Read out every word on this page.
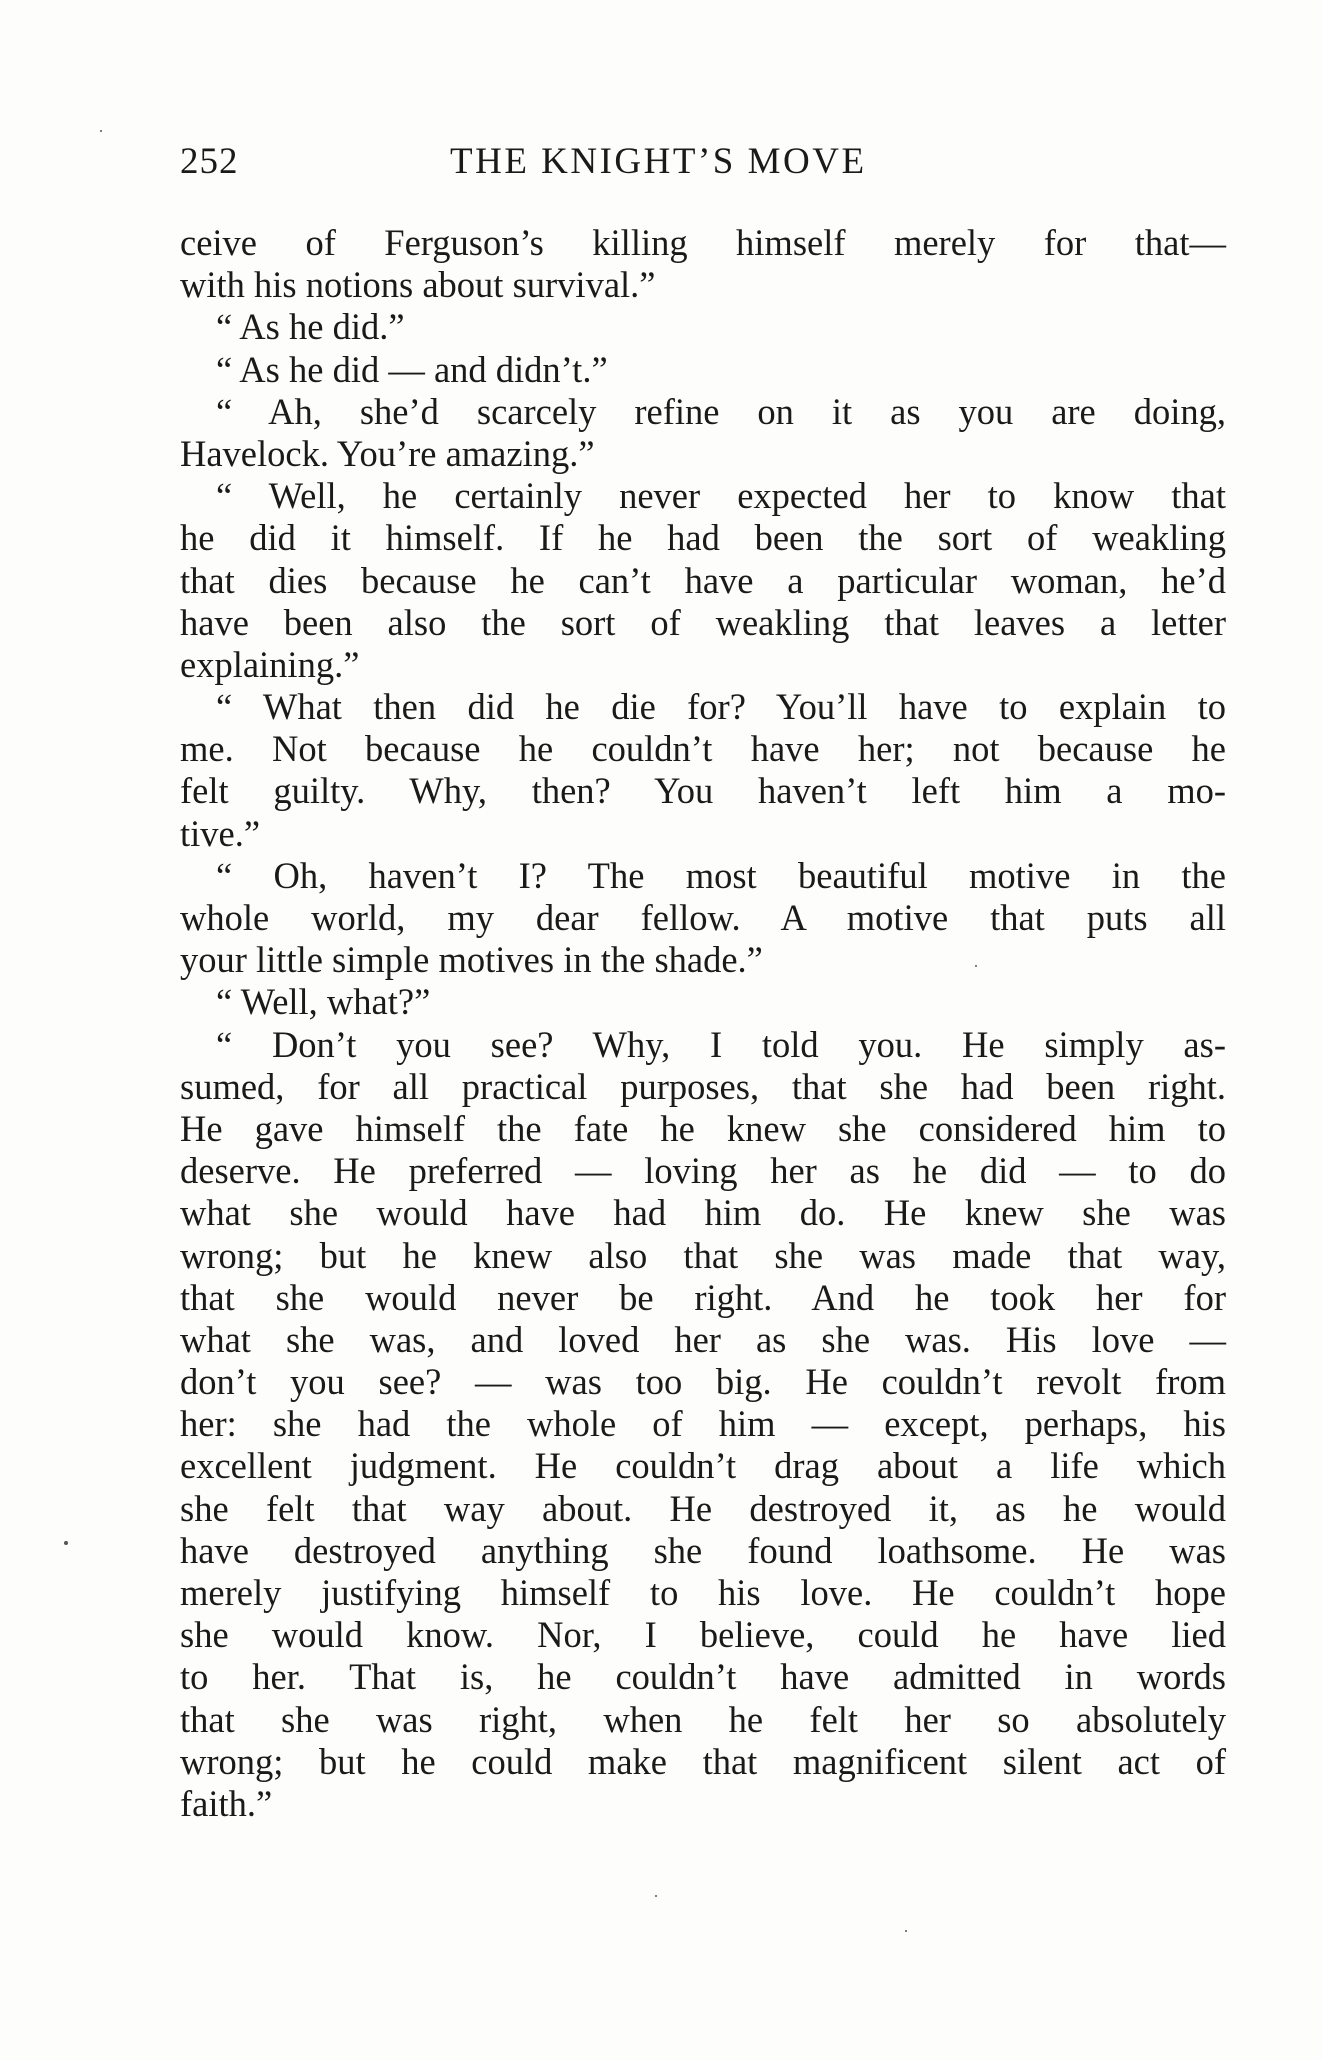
252	THE KNIGHT’S MOVE
ceive of Ferguson’s killing himself merely for that—
with his notions about survival.”
“ As he did.”
“ As he did — and didn’t.”
“ Ah, she’d scarcely refine on it as you are doing,
Havelock. You’re amazing.”
“ Well, he certainly never expected her to know that
he did it himself. If he had been the sort of weakling
that dies because he can’t have a particular woman, he’d
have been also the sort of weakling that leaves a letter
explaining.”
“ What then did he die for? You’ll have to explain to
me. Not because he couldn’t have her; not because he
felt guilty. Why, then? You haven’t left him a mo-
tive.”
“ Oh, haven’t I? The most beautiful motive in the
whole world, my dear fellow. A motive that puts all
your little simple motives in the shade.”
“ Well, what?”
“ Don’t you see? Why, I told you. He simply as-
sumed, for all practical purposes, that she had been right.
He gave himself the fate he knew she considered him to
deserve. He preferred — loving her as he did — to do
what she would have had him do. He knew she was
wrong; but he knew also that she was made that way,
that she would never be right. And he took her for
what she was, and loved her as she was. His love —
don’t you see? — was too big. He couldn’t revolt from
her: she had the whole of him — except, perhaps, his
excellent judgment. He couldn’t drag about a life which
she felt that way about. He destroyed it, as he would
have destroyed anything she found loathsome. He was
merely justifying himself to his love. He couldn’t hope
she would know. Nor, I believe, could he have lied
to her. That is, he couldn’t have admitted in words
that she was right, when he felt her so absolutely
wrong; but he could make that magnificent silent act of
faith.”
